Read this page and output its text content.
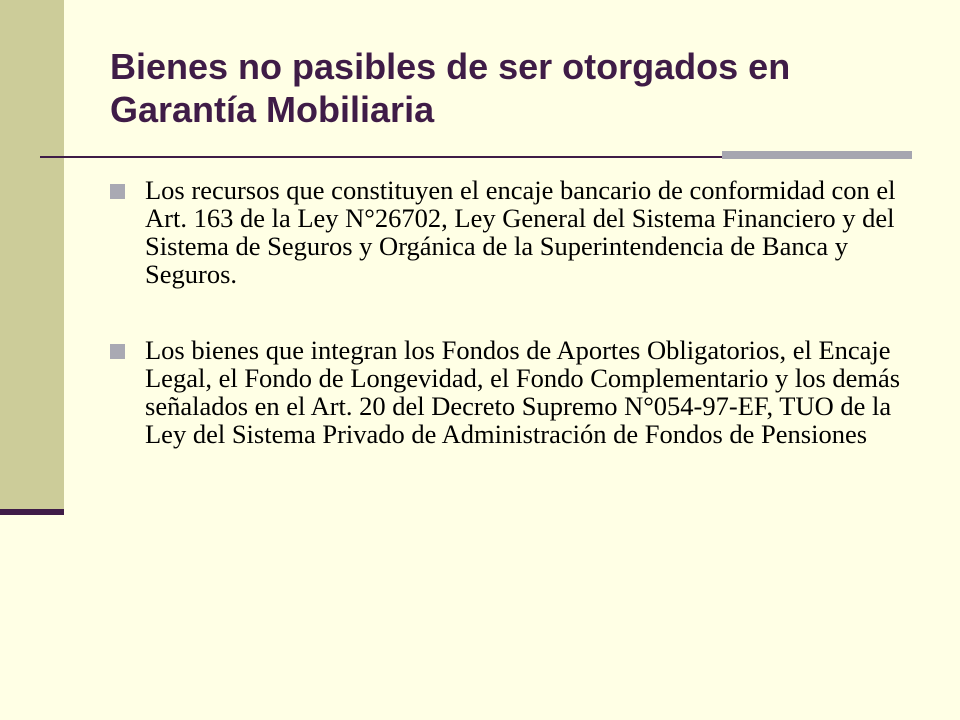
Bienes no pasibles de ser otorgados en Garantía Mobiliaria
Los recursos que constituyen el encaje bancario de conformidad con el Art. 163 de la Ley N°26702, Ley General del Sistema Financiero y del Sistema de Seguros y Orgánica de la Superintendencia de Banca y Seguros.
Los bienes que integran los Fondos de Aportes Obligatorios, el Encaje Legal, el Fondo de Longevidad, el Fondo Complementario y los demás señalados en el Art. 20 del Decreto Supremo N°054-97-EF, TUO de la Ley del Sistema Privado de Administración de Fondos de Pensiones
